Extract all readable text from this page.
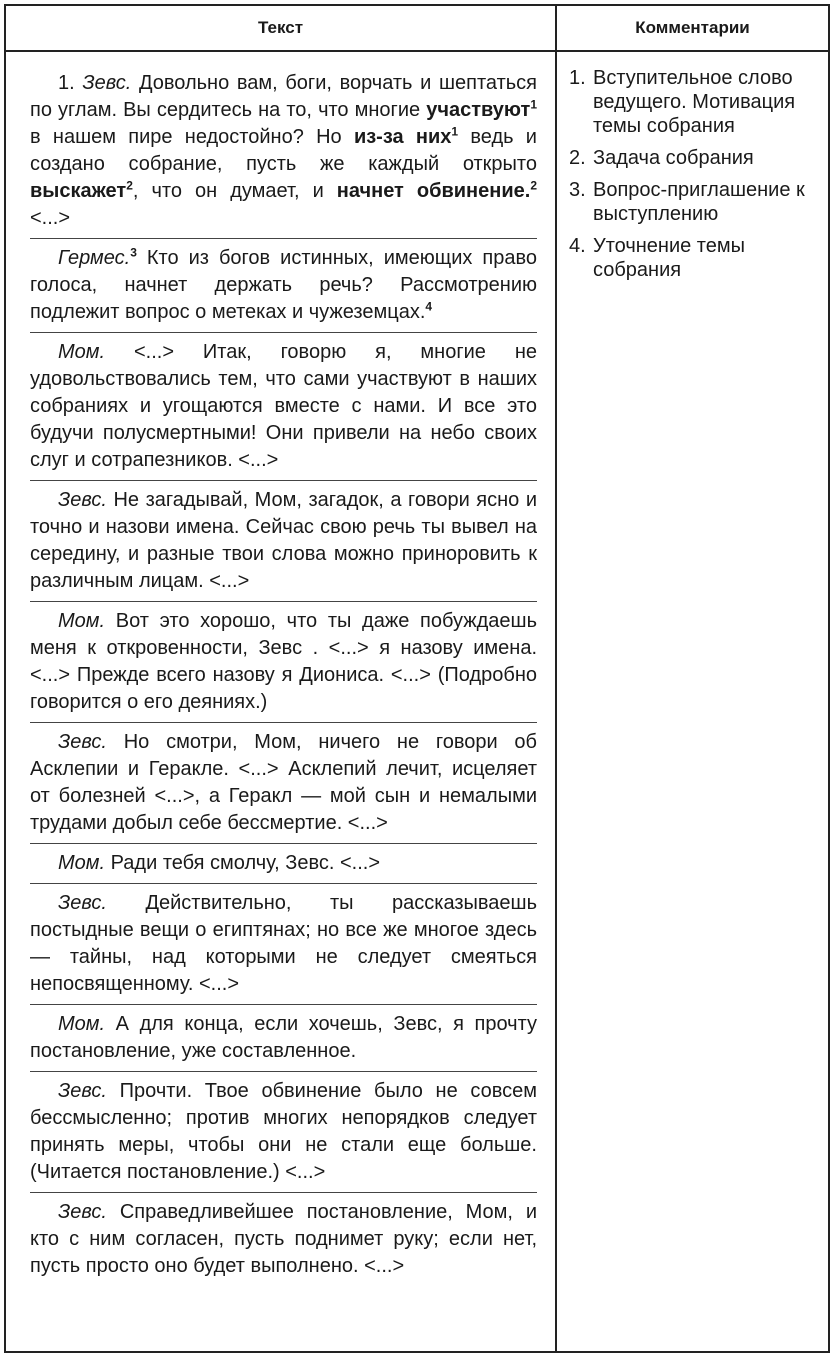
Текст	Комментарии

1. Зевс. Довольно вам, боги, ворчать и шептаться по углам. Вы сердитесь на то, что многие участвуют$^1$ в нашем пире недостойно? Но из-за них$^1$ ведь и создано собрание, пусть же каждый открыто выскажет$^2$, что он думает, и начнет обвинение.$^2$ <...>

Гермес.$^3$ Кто из богов истинных, имеющих право голоса, начнет держать речь? Рассмотрению подлежит вопрос о метеках и чужеземцах.$^4$

Мом. <...> Итак, говорю я, многие не удовольствовались тем, что сами участвуют в наших собраниях и угощаются вместе с нами. И все это будучи полусмертными! Они привели на небо своих слуг и сотрапезников. <...>

Зевс. Не загадывай, Мом, загадок, а говори ясно и точно и назови имена. Сейчас свою речь ты вывел на середину, и разные твои слова можно приноровить к различным лицам. <...>

Мом. Вот это хорошо, что ты даже побуждаешь меня к откровенности, Зевс . <...> я назову имена. <...> Прежде всего назову я Диониса. <...> (Подробно говорится о его деяниях.)

Зевс. Но смотри, Мом, ничего не говори об Асклепии и Геракле. <...> Асклепий лечит, исцеляет от болезней <...>, а Геракл — мой сын и немалыми трудами добыл себе бессмертие. <...>

Мом. Ради тебя смолчу, Зевс. <...>

Зевс. Действительно, ты рассказываешь постыдные вещи о египтянах; но все же многое здесь — тайны, над которыми не следует смеяться непосвященному. <...>

Мом. А для конца, если хочешь, Зевс, я прочту постановление, уже составленное.

Зевс. Прочти. Твое обвинение было не совсем бессмысленно; против многих непорядков следует принять меры, чтобы они не стали еще больше. (Читается постановление.) <...>

Зевс. Справедливейшее постановление, Мом, и кто с ним согласен, пусть поднимет руку; если нет, пусть просто оно будет выполнено. <...>

1. Вступительное слово ведущего. Мотивация темы собрания
2. Задача собрания
3. Вопрос-приглашение к выступлению
4. Уточнение темы собрания
